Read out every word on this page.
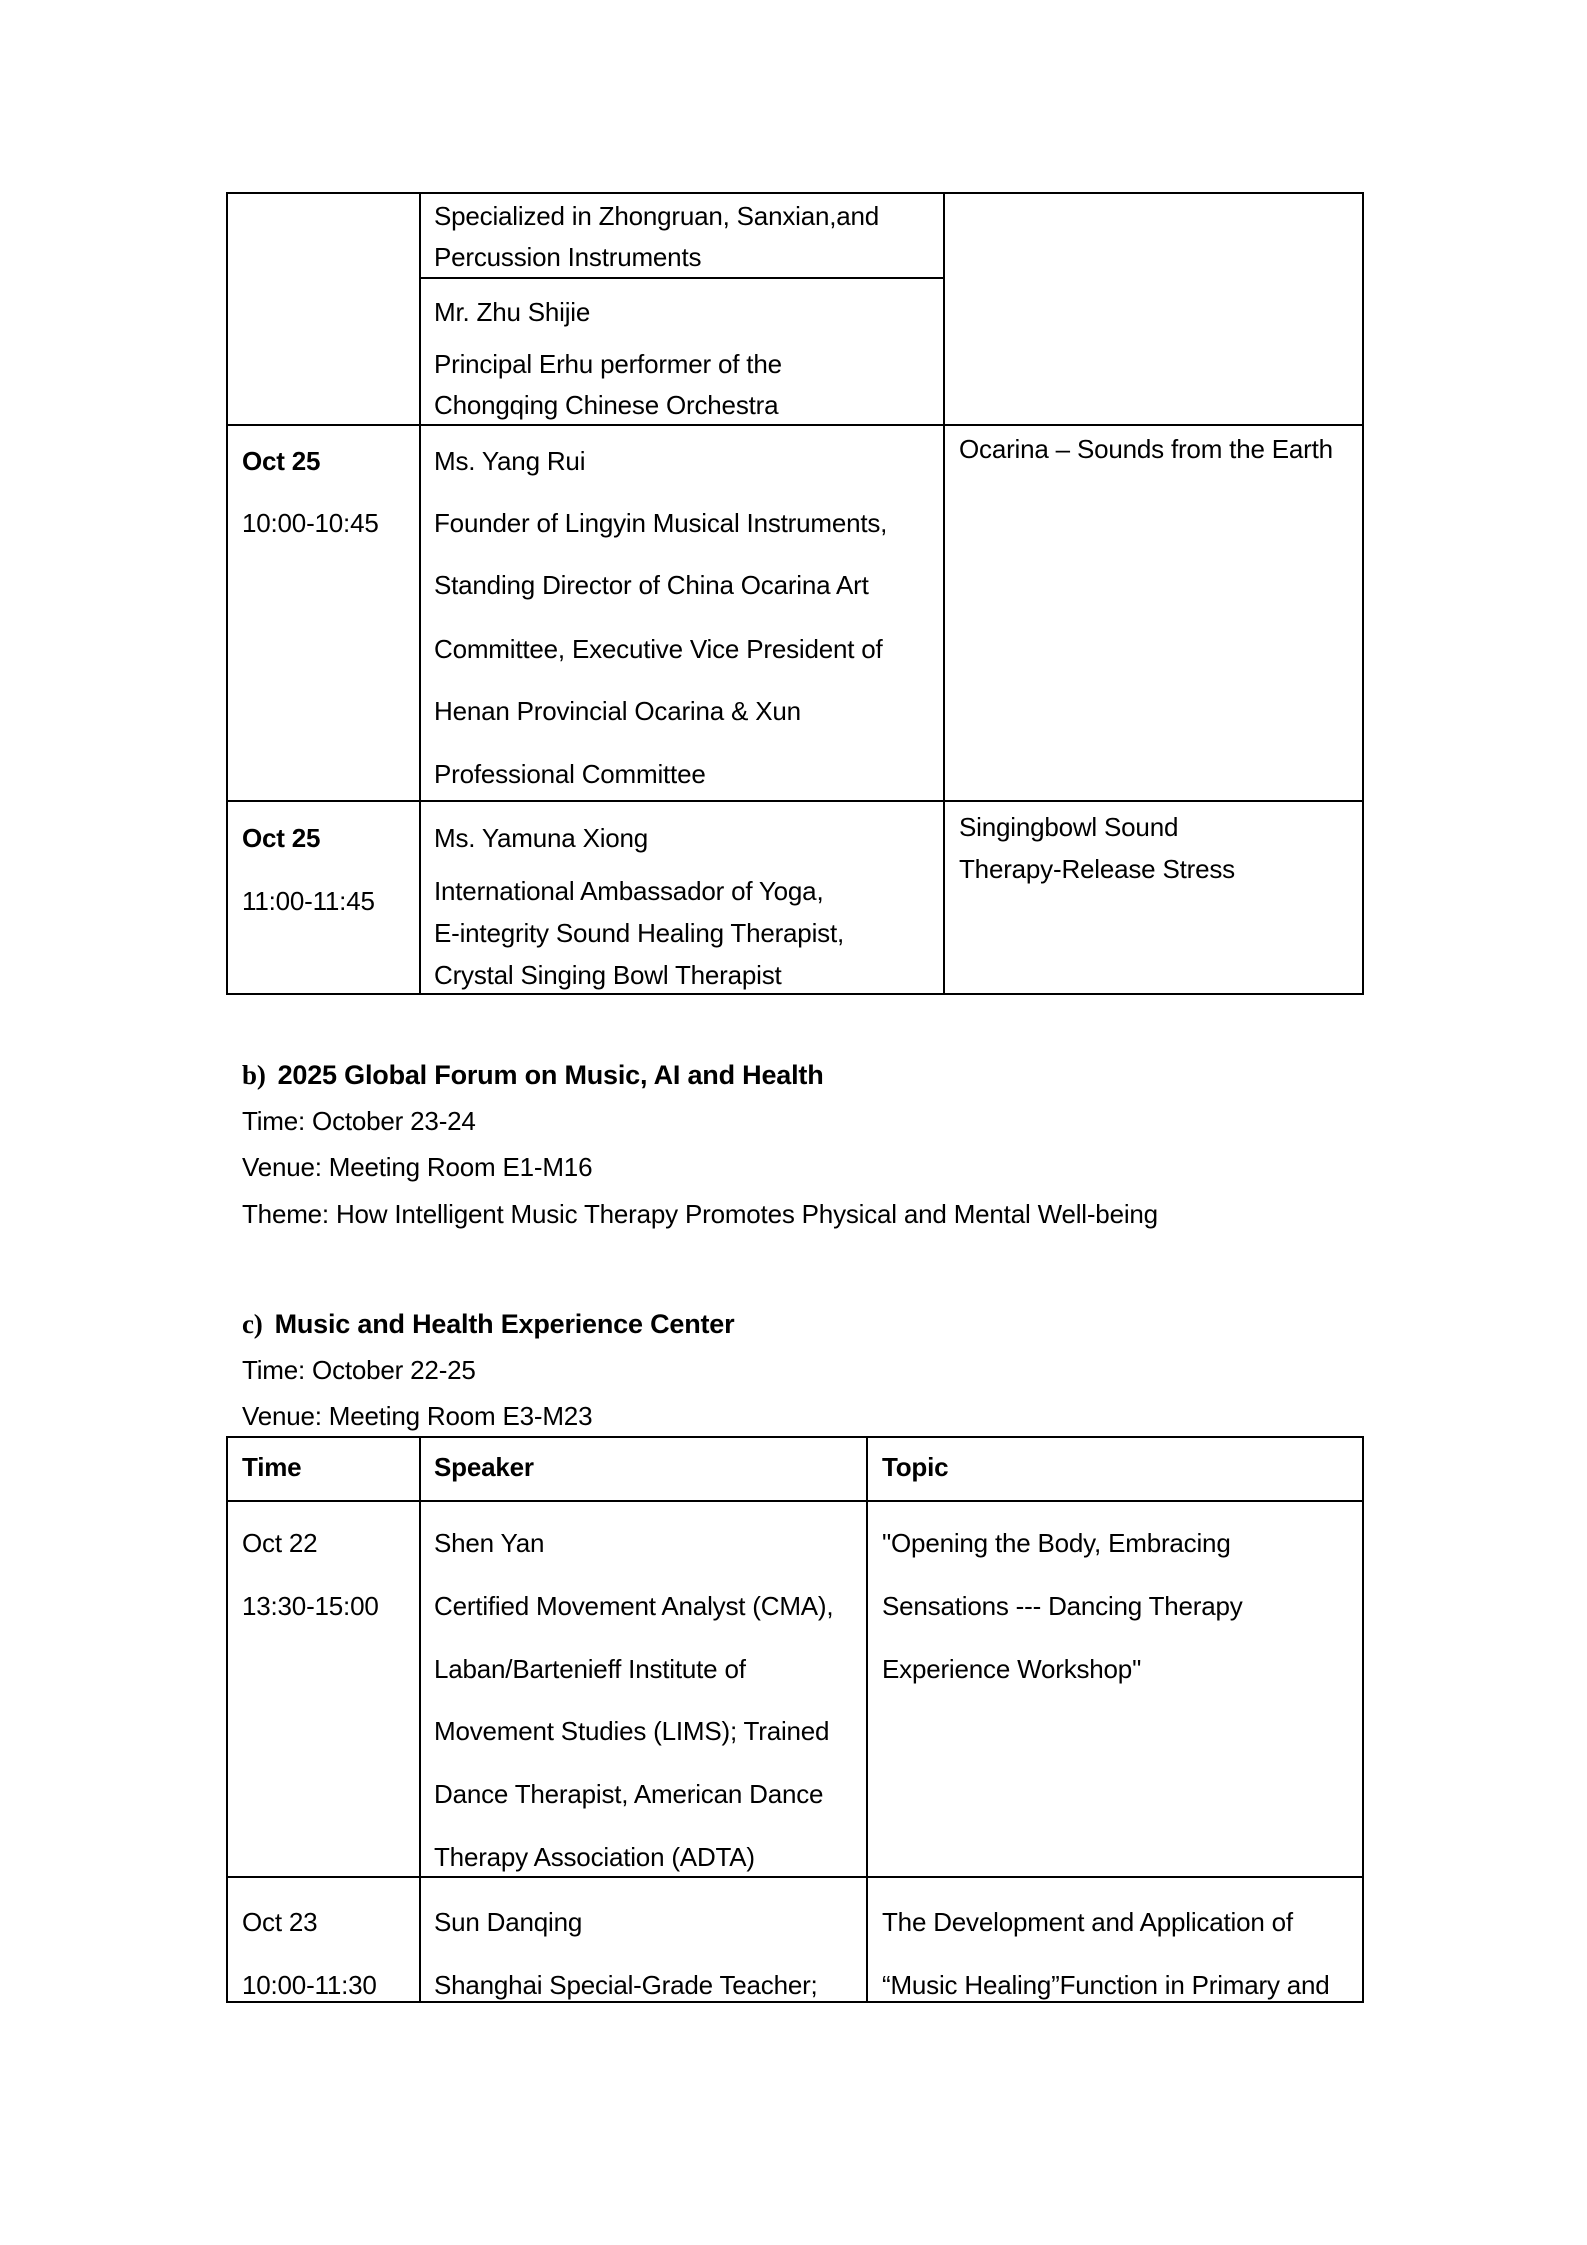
Specialized in Zhongruan, Sanxian,and
Percussion Instruments
Mr. Zhu Shijie
Principal Erhu performer of the
Chongqing Chinese Orchestra
Oct 25
10:00-10:45
Ms. Yang Rui
Founder of Lingyin Musical Instruments,
Standing Director of China Ocarina Art
Committee, Executive Vice President of
Henan Provincial Ocarina & Xun
Professional Committee
Ocarina – Sounds from the Earth
Oct 25
11:00-11:45
Ms. Yamuna Xiong
International Ambassador of Yoga,
E-integrity Sound Healing Therapist,
Crystal Singing Bowl Therapist
Singingbowl Sound
Therapy-Release Stress
b) 2025 Global Forum on Music, AI and Health
Time: October 23-24
Venue: Meeting Room E1-M16
Theme: How Intelligent Music Therapy Promotes Physical and Mental Well-being
c) Music and Health Experience Center
Time: October 22-25
Venue: Meeting Room E3-M23
Time	Speaker	Topic
Oct 22
13:30-15:00
Shen Yan
Certified Movement Analyst (CMA),
Laban/Bartenieff Institute of
Movement Studies (LIMS); Trained
Dance Therapist, American Dance
Therapy Association (ADTA)
"Opening the Body, Embracing
Sensations --- Dancing Therapy
Experience Workshop"
Oct 23
10:00-11:30
Sun Danqing
Shanghai Special-Grade Teacher;
The Development and Application of
“Music Healing”Function in Primary and
